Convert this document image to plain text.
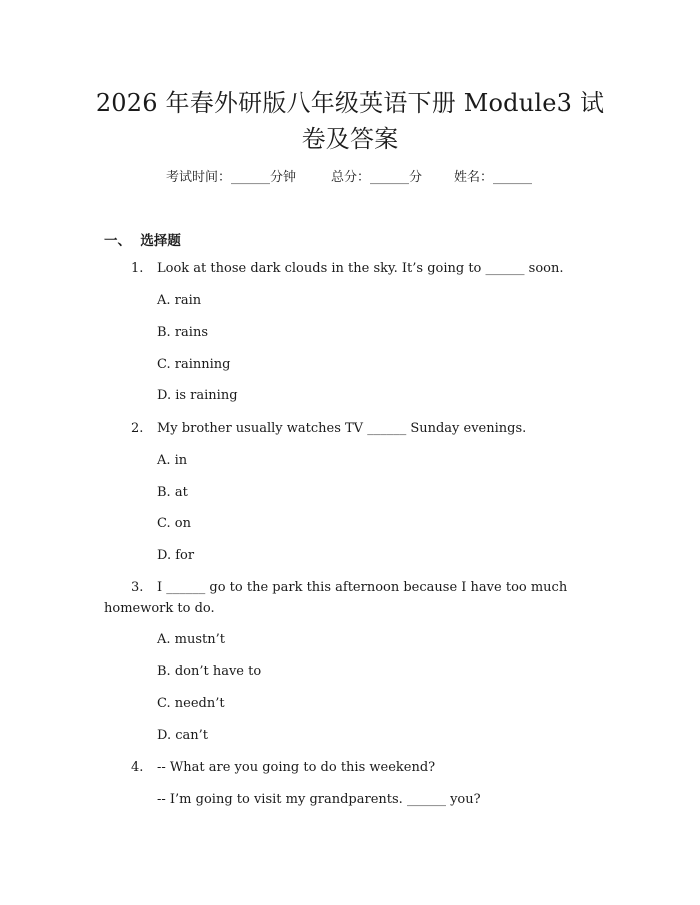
2026 年春外研版八年级英语下册 Module3 试
卷及答案
考试时间：______分钟	总分：______分 姓名：______
一、  选择题
1. Look at those dark clouds in the sky. It’s going to ______ soon.
A. rain
B. rains
C. rainning
D. is raining
2. My brother usually watches TV ______ Sunday evenings.
A. in
B. at
C. on
D. for
3. I ______ go to the park this afternoon because I have too much
homework to do.
A. mustn’t
B. don’t have to
C. needn’t
D. can’t
4. -- What are you going to do this weekend?
-- I’m going to visit my grandparents. ______ you?
